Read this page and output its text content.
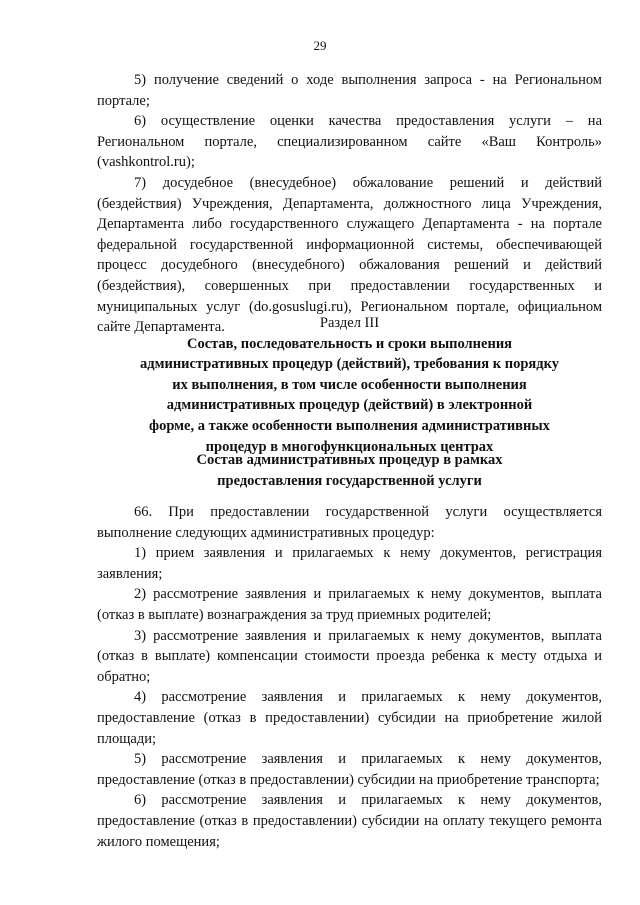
29

5) получение сведений о ходе выполнения запроса - на Региональном портале;

6) осуществление оценки качества предоставления услуги – на Региональном портале, специализированном сайте «Ваш Контроль» (vashkontrol.ru);

7) досудебное (внесудебное) обжалование решений и действий (бездействия) Учреждения, Департамента, должностного лица Учреждения, Департамента либо государственного служащего Департамента - на портале федеральной государственной информационной системы, обеспечивающей процесс досудебного (внесудебного) обжалования решений и действий (бездействия), совершенных при предоставлении государственных и муниципальных услуг (do.gosuslugi.ru), Региональном портале, официальном сайте Департамента.	Раздел III
Состав, последовательность и сроки выполнения
административных процедур (действий), требования к порядку
их выполнения, в том числе особенности выполнения
административных процедур (действий) в электронной
форме, а также особенности выполнения административных
процедур в многофункциональных центрах
Состав административных процедур в рамках
предоставления государственной услуги

66. При предоставлении государственной услуги осуществляется выполнение следующих административных процедур:

1) прием заявления и прилагаемых к нему документов, регистрация заявления;

2) рассмотрение заявления и прилагаемых к нему документов, выплата (отказ в выплате) вознаграждения за труд приемных родителей;

3) рассмотрение заявления и прилагаемых к нему документов, выплата (отказ в выплате) компенсации стоимости проезда ребенка к месту отдыха и обратно;

4) рассмотрение заявления и прилагаемых к нему документов, предоставление (отказ в предоставлении) субсидии на приобретение жилой площади;

5) рассмотрение заявления и прилагаемых к нему документов, предоставление (отказ в предоставлении) субсидии на приобретение транспорта;

6) рассмотрение заявления и прилагаемых к нему документов, предоставление (отказ в предоставлении) субсидии на оплату текущего ремонта жилого помещения;
